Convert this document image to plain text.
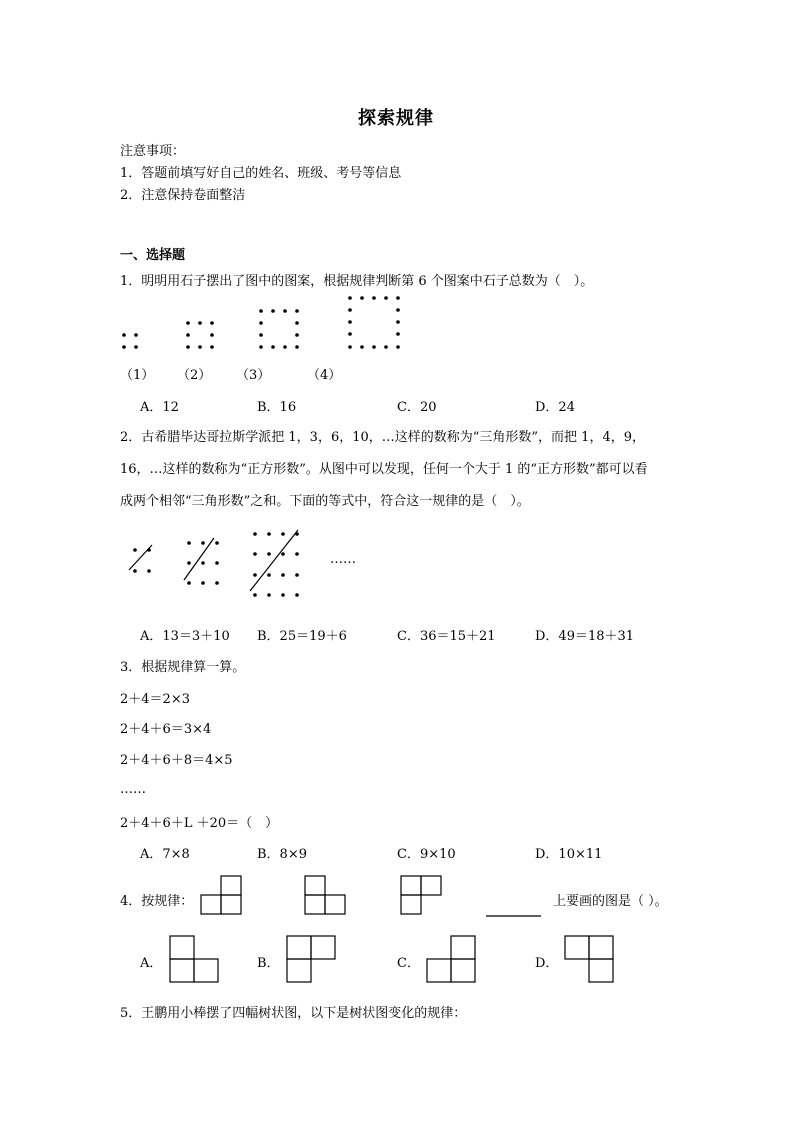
探索规律
注意事项：
1．答题前填写好自己的姓名、班级、考号等信息
2．注意保持卷面整洁
一、选择题
1．明明用石子摆出了图中的图案，根据规律判断第 6 个图案中石子总数为（　）。
（1） （2） （3）	（4）
A．12	B．16	C．20	D．24
2．古希腊毕达哥拉斯学派把 1，3，6，10，…这样的数称为“三角形数”，而把 1，4，9，
16，…这样的数称为“正方形数”。从图中可以发现，任何一个大于 1 的“正方形数”都可以看
成两个相邻“三角形数”之和。下面的等式中，符合这一规律的是（　）。
……
A．13＝3＋10 B．25＝19＋6	C．36＝15＋21	D．49＝18＋31
3．根据规律算一算。
2＋4＝2×3
2＋4＋6＝3×4
2＋4＋6＋8＝4×5
……
2＋4＋6＋L ＋20＝（　）
A．7×8	B．8×9	C．9×10	D．10×11
4．按规律：	上要画的图是（ ）。
A．	B．	C．	D．
5．王鹏用小棒摆了四幅树状图，以下是树状图变化的规律：
